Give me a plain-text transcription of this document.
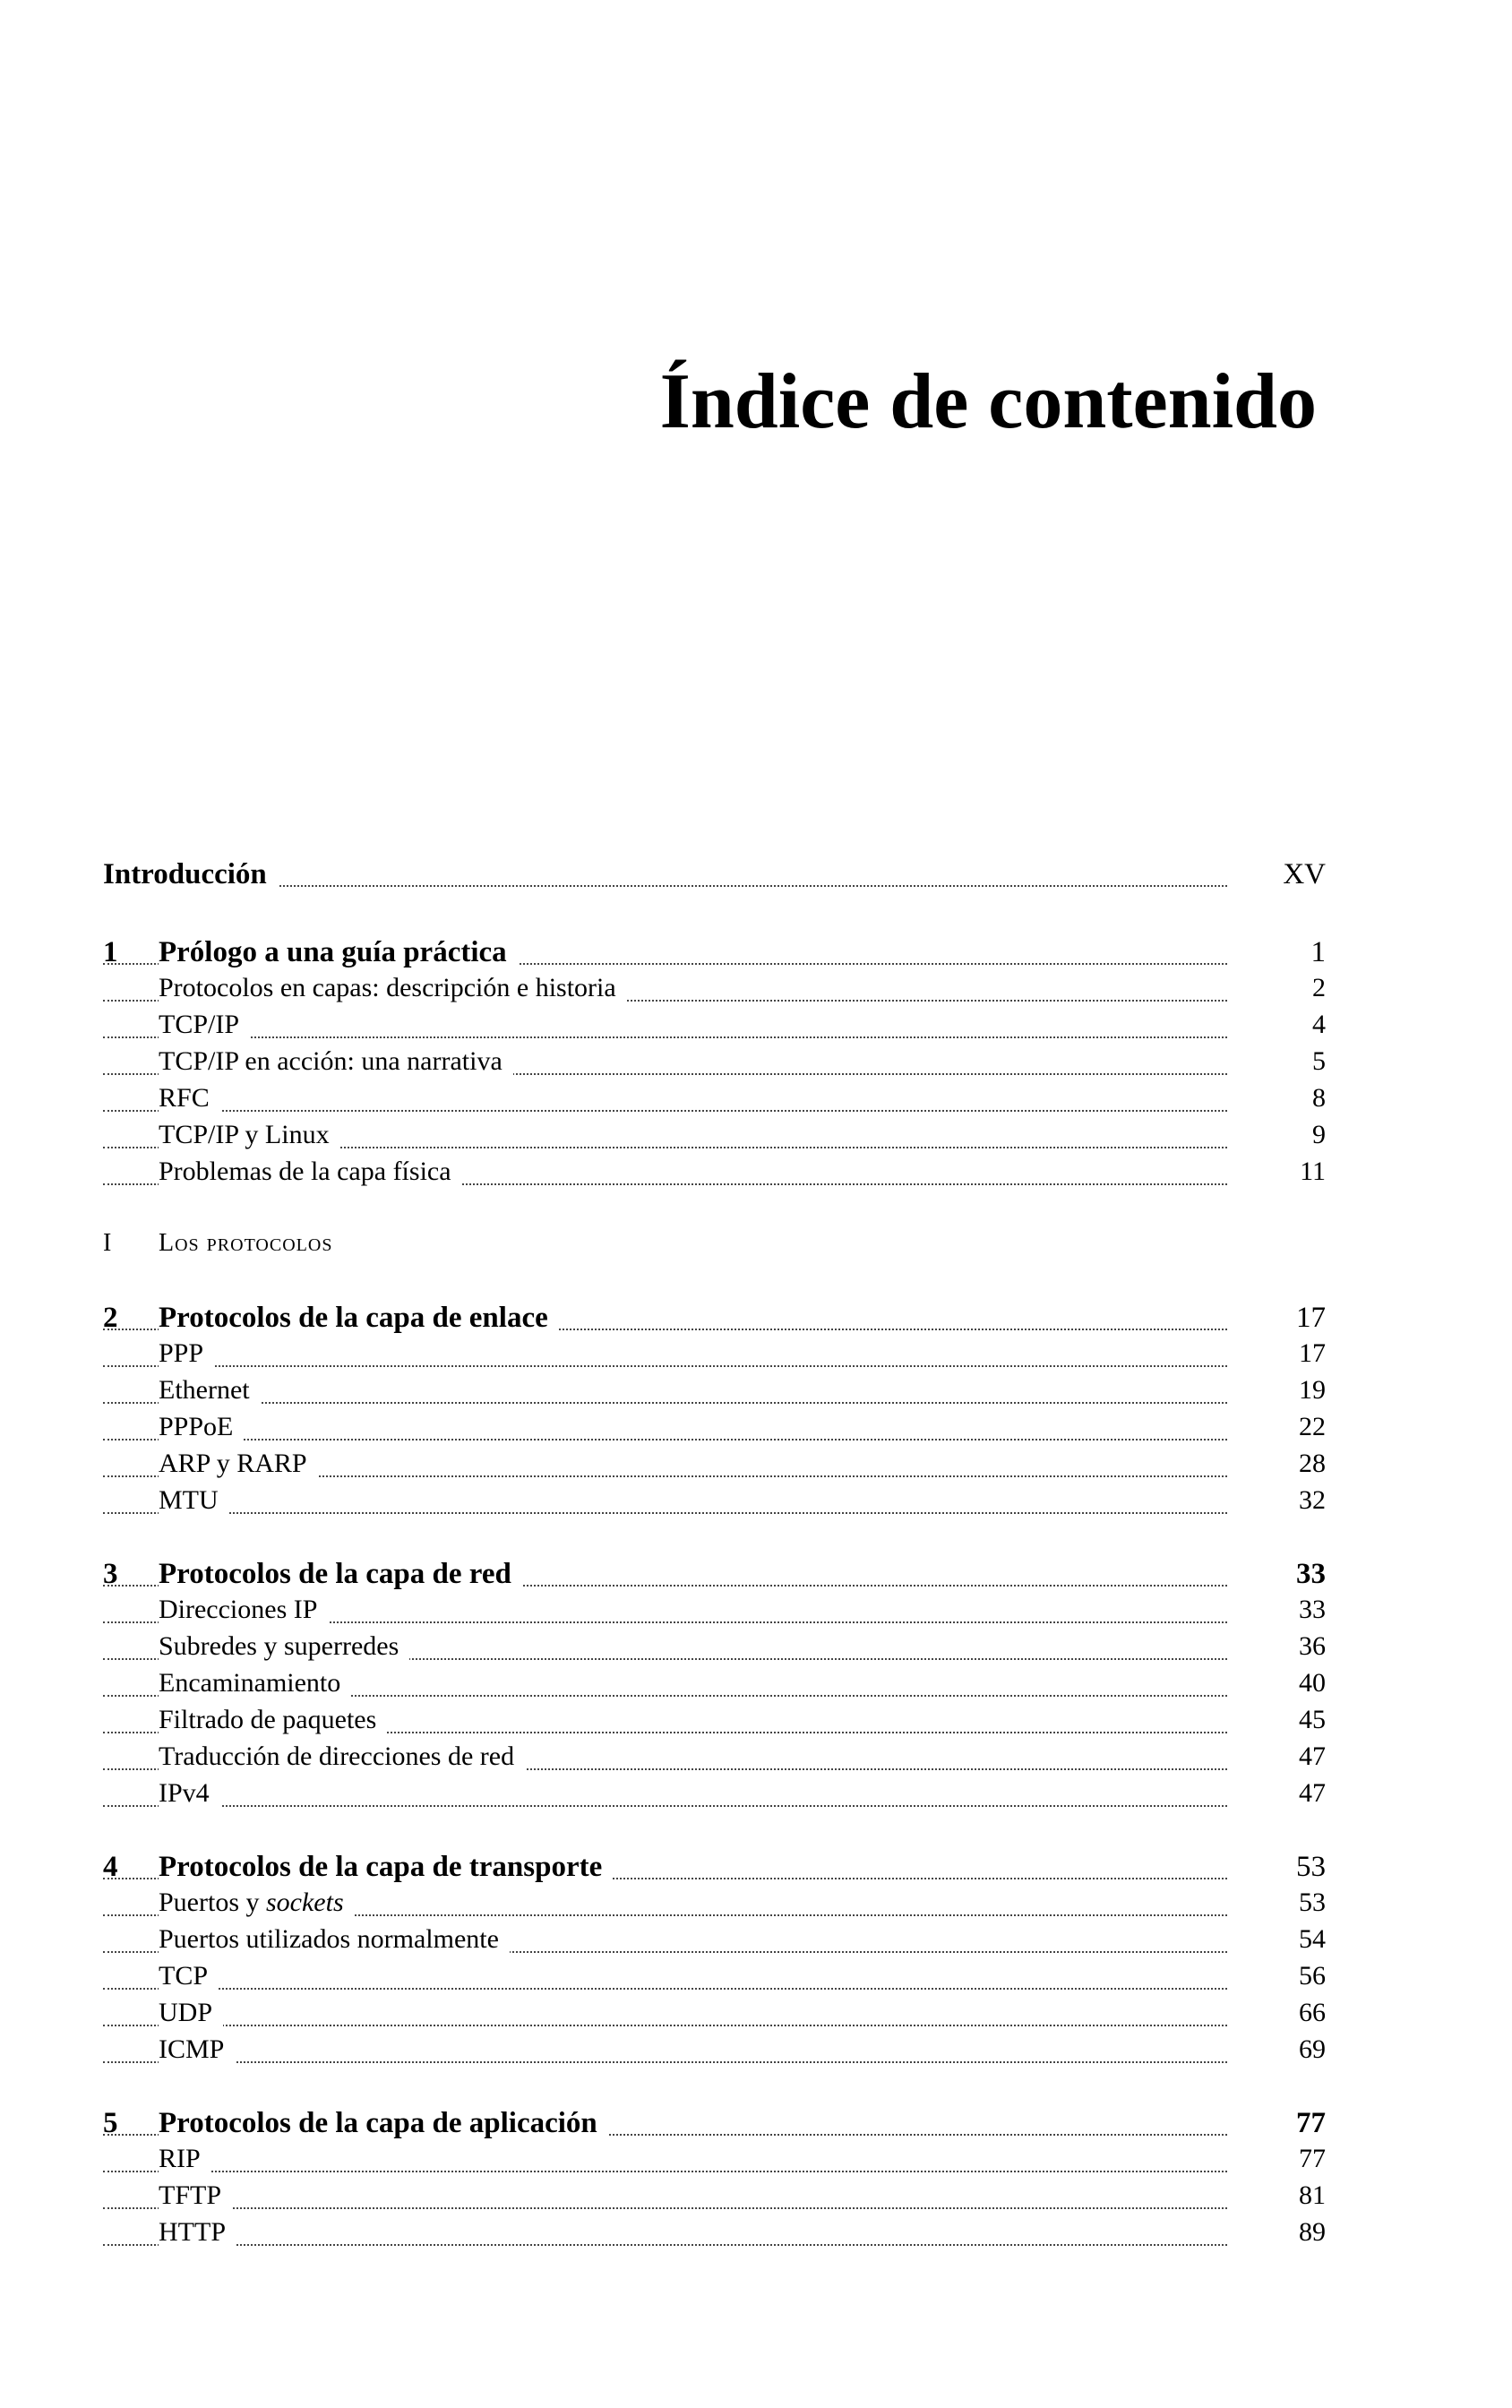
Índice de contenido
Introducción	XV
1	Prólogo a una guía práctica	1
Protocolos en capas: descripción e historia	2
TCP/IP	4
TCP/IP en acción: una narrativa	5
RFC	8
TCP/IP y Linux	9
Problemas de la capa física	11
I Los protocolos
2	Protocolos de la capa de enlace	17
PPP	17
Ethernet	19
PPPoE	22
ARP y RARP	28
MTU	32
3	Protocolos de la capa de red	33
Direcciones IP	33
Subredes y superredes	36
Encaminamiento	40
Filtrado de paquetes	45
Traducción de direcciones de red	47
IPv4	47
4	Protocolos de la capa de transporte	53
Puertos y sockets	53
Puertos utilizados normalmente	54
TCP	56
UDP	66
ICMP	69
5	Protocolos de la capa de aplicación	77
RIP	77
TFTP	81
HTTP	89
